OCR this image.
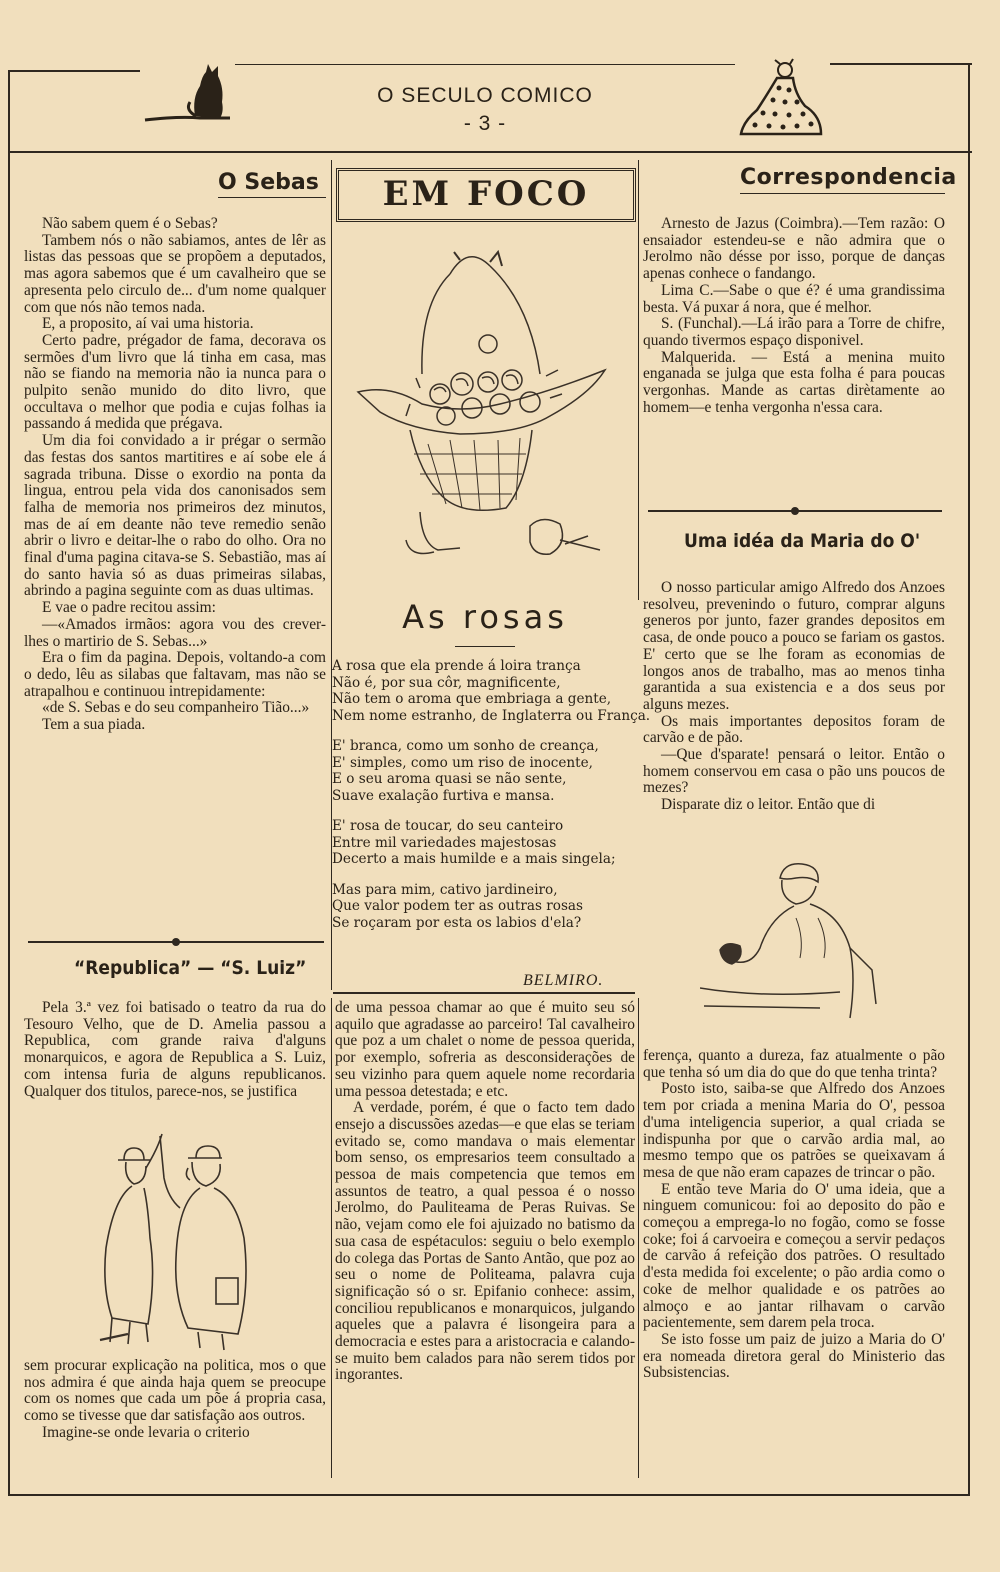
O SECULO COMICO
- 3 -
O Sebas

Não sabem quem é o Sebas?

Tambem nós o não sabiamos, antes de lêr as listas das pessoas que se propõem a deputados, mas agora sabemos que é um cavalheiro que se apresenta pelo circulo de... d'um nome qualquer com que nós não temos nada.

E, a proposito, aí vai uma historia.

Certo padre, prégador de fama, decorava os sermões d'um livro que lá tinha em casa, mas não se fiando na memoria não ia nunca para o pulpito senão munido do dito livro, que occultava o melhor que podia e cujas folhas ia passando á medida que prégava.

Um dia foi convidado a ir prégar o sermão das festas dos santos martitires e aí sobe ele á sagrada tribuna. Disse o exordio na ponta da lingua, entrou pela vida dos canonisados sem falha de memoria nos primeiros dez minutos, mas de aí em deante não teve remedio senão abrir o livro e deitar-lhe o rabo do olho. Ora no final d'uma pagina citava-se S. Sebastião, mas aí do santo havia só as duas primeiras silabas, abrindo a pagina seguinte com as duas ultimas.

E vae o padre recitou assim:

—«Amados irmãos: agora vou des crever-lhes o martirio de S. Sebas...»

Era o fim da pagina. Depois, voltando-a com o dedo, lêu as silabas que faltavam, mas não se atrapalhou e continuou intrepidamente:

«de S. Sebas e do seu companheiro Tião...»

Tem a sua piada.

“Republica” — “S. Luiz”

Pela 3.ª vez foi batisado o teatro da rua do Tesouro Velho, que de D. Amelia passou a Republica, com grande raiva d'alguns monarquicos, e agora de Republica a S. Luiz, com intensa furia de alguns republicanos. Qualquer dos titulos, parece-nos, se justifica

sem procurar explicação na politica, mos o que nos admira é que ainda haja quem se preocupe com os nomes que cada um põe á propria casa, como se tivesse que dar satisfação aos outros.

Imagine-se onde levaria o criterio

de uma pessoa chamar ao que é muito seu só aquilo que agradasse ao parceiro! Tal cavalheiro que poz a um chalet o nome de pessoa querida, por exemplo, sofreria as desconsiderações de seu vizinho para quem aquele nome recordaria uma pessoa detestada; e etc.

A verdade, porém, é que o facto tem dado ensejo a discussões azedas—e que elas se teriam evitado se, como mandava o mais elementar bom senso, os empresarios teem consultado a pessoa de mais competencia que temos em assuntos de teatro, a qual pessoa é o nosso Jerolmo, do Pauliteama de Peras Ruivas. Se não, vejam como ele foi ajuizado no batismo da sua casa de espétaculos: seguiu o belo exemplo do colega das Portas de Santo Antão, que poz ao seu o nome de Politeama, palavra cuja significação só o sr. Epifanio conhece: assim, conciliou republicanos e monarquicos, julgando aqueles que a palavra é lisongeira para a democracia e estes para a aristocracia e calando-se muito bem calados para não serem tidos por ingorantes.

EM FOCO
As rosas
A rosa que ela prende á loira trança
Não é, por sua côr, magnificente,
Não tem o aroma que embriaga a gente,
Nem nome estranho, de Inglaterra ou França.
E' branca, como um sonho de creança,
E' simples, como um riso de inocente,
E o seu aroma quasi se não sente,
Suave exalação furtiva e mansa.
E' rosa de toucar, do seu canteiro
Entre mil variedades majestosas
Decerto a mais humilde e a mais singela;
Mas para mim, cativo jardineiro,
Que valor podem ter as outras rosas
Se roçaram por esta os labios d'ela?
BELMIRO.
Correspondencia

Arnesto de Jazus (Coimbra).—Tem razão: O ensaiador estendeu-se e não admira que o Jerolmo não désse por isso, porque de danças apenas conhece o fandango.

Lima C.—Sabe o que é? é uma grandissima besta. Vá puxar á nora, que é melhor.

S. (Funchal).—Lá irão para a Torre de chifre, quando tivermos espaço disponivel.

Malquerida. — Está a menina muito enganada se julga que esta folha é para poucas vergonhas. Mande as cartas dirètamente ao homem—e tenha vergonha n'essa cara.

Uma idéa da Maria do O'

O nosso particular amigo Alfredo dos Anzoes resolveu, prevenindo o futuro, comprar alguns generos por junto, fazer grandes depositos em casa, de onde pouco a pouco se fariam os gastos. E' certo que se lhe foram as economias de longos anos de trabalho, mas ao menos tinha garantida a sua existencia e a dos seus por alguns mezes.

Os mais importantes depositos foram de carvão e de pão.

—Que d'sparate! pensará o leitor. Então o homem conservou em casa o pão uns poucos de mezes?

Disparate diz o leitor. Então que di

ferença, quanto a dureza, faz atualmente o pão que tenha só um dia do que do que tenha trinta?

Posto isto, saiba-se que Alfredo dos Anzoes tem por criada a menina Maria do O', pessoa d'uma inteligencia superior, a qual criada se indispunha por que o carvão ardia mal, ao mesmo tempo que os patrões se queixavam á mesa de que não eram capazes de trincar o pão.

E então teve Maria do O' uma ideia, que a ninguem comunicou: foi ao deposito do pão e começou a emprega-lo no fogão, como se fosse coke; foi á carvoeira e começou a servir pedaços de carvão á refeição dos patrões. O resultado d'esta medida foi excelente; o pão ardia como o coke de melhor qualidade e os patrões ao almoço e ao jantar rilhavam o carvão pacientemente, sem darem pela troca.

Se isto fosse um paiz de juizo a Maria do O' era nomeada diretora geral do Ministerio das Subsistencias.
